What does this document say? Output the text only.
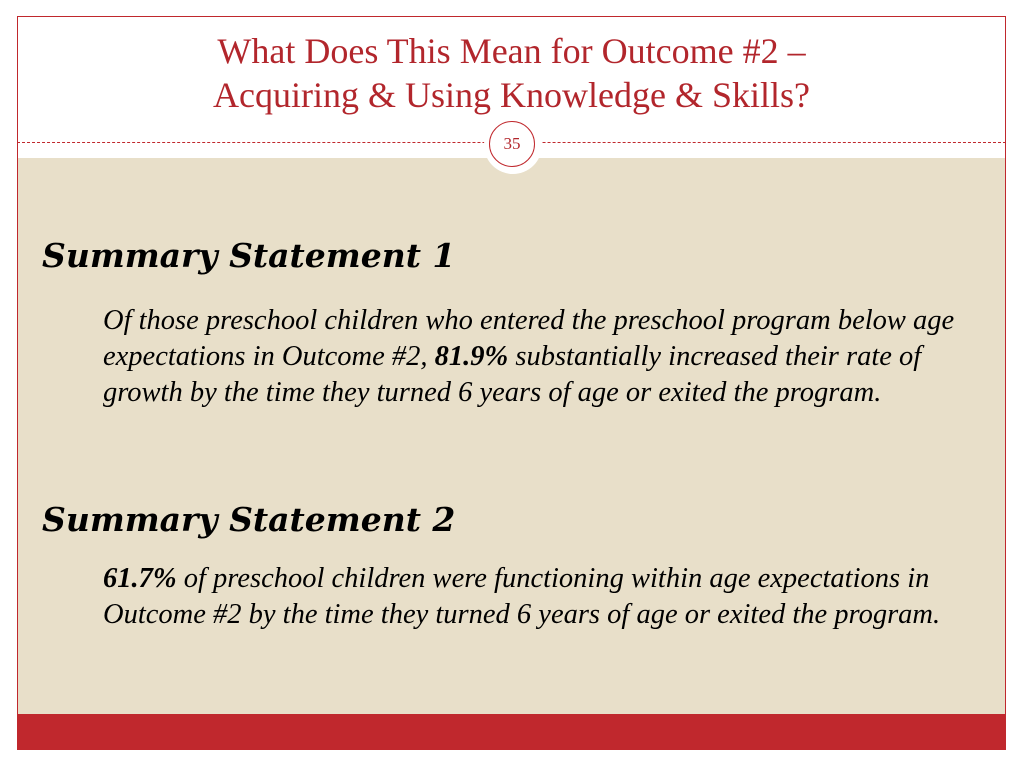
What Does This Mean for Outcome #2 –

Acquiring & Using Knowledge & Skills?

35
Summary Statement 1

Of those preschool children who entered the preschool program below age expectations in Outcome #2, 81.9% substantially increased their rate of growth by the time they turned 6 years of age or exited the program.

Summary Statement 2

61.7% of preschool children were functioning within age expectations in Outcome #2 by the time they turned 6 years of age or exited the program.
